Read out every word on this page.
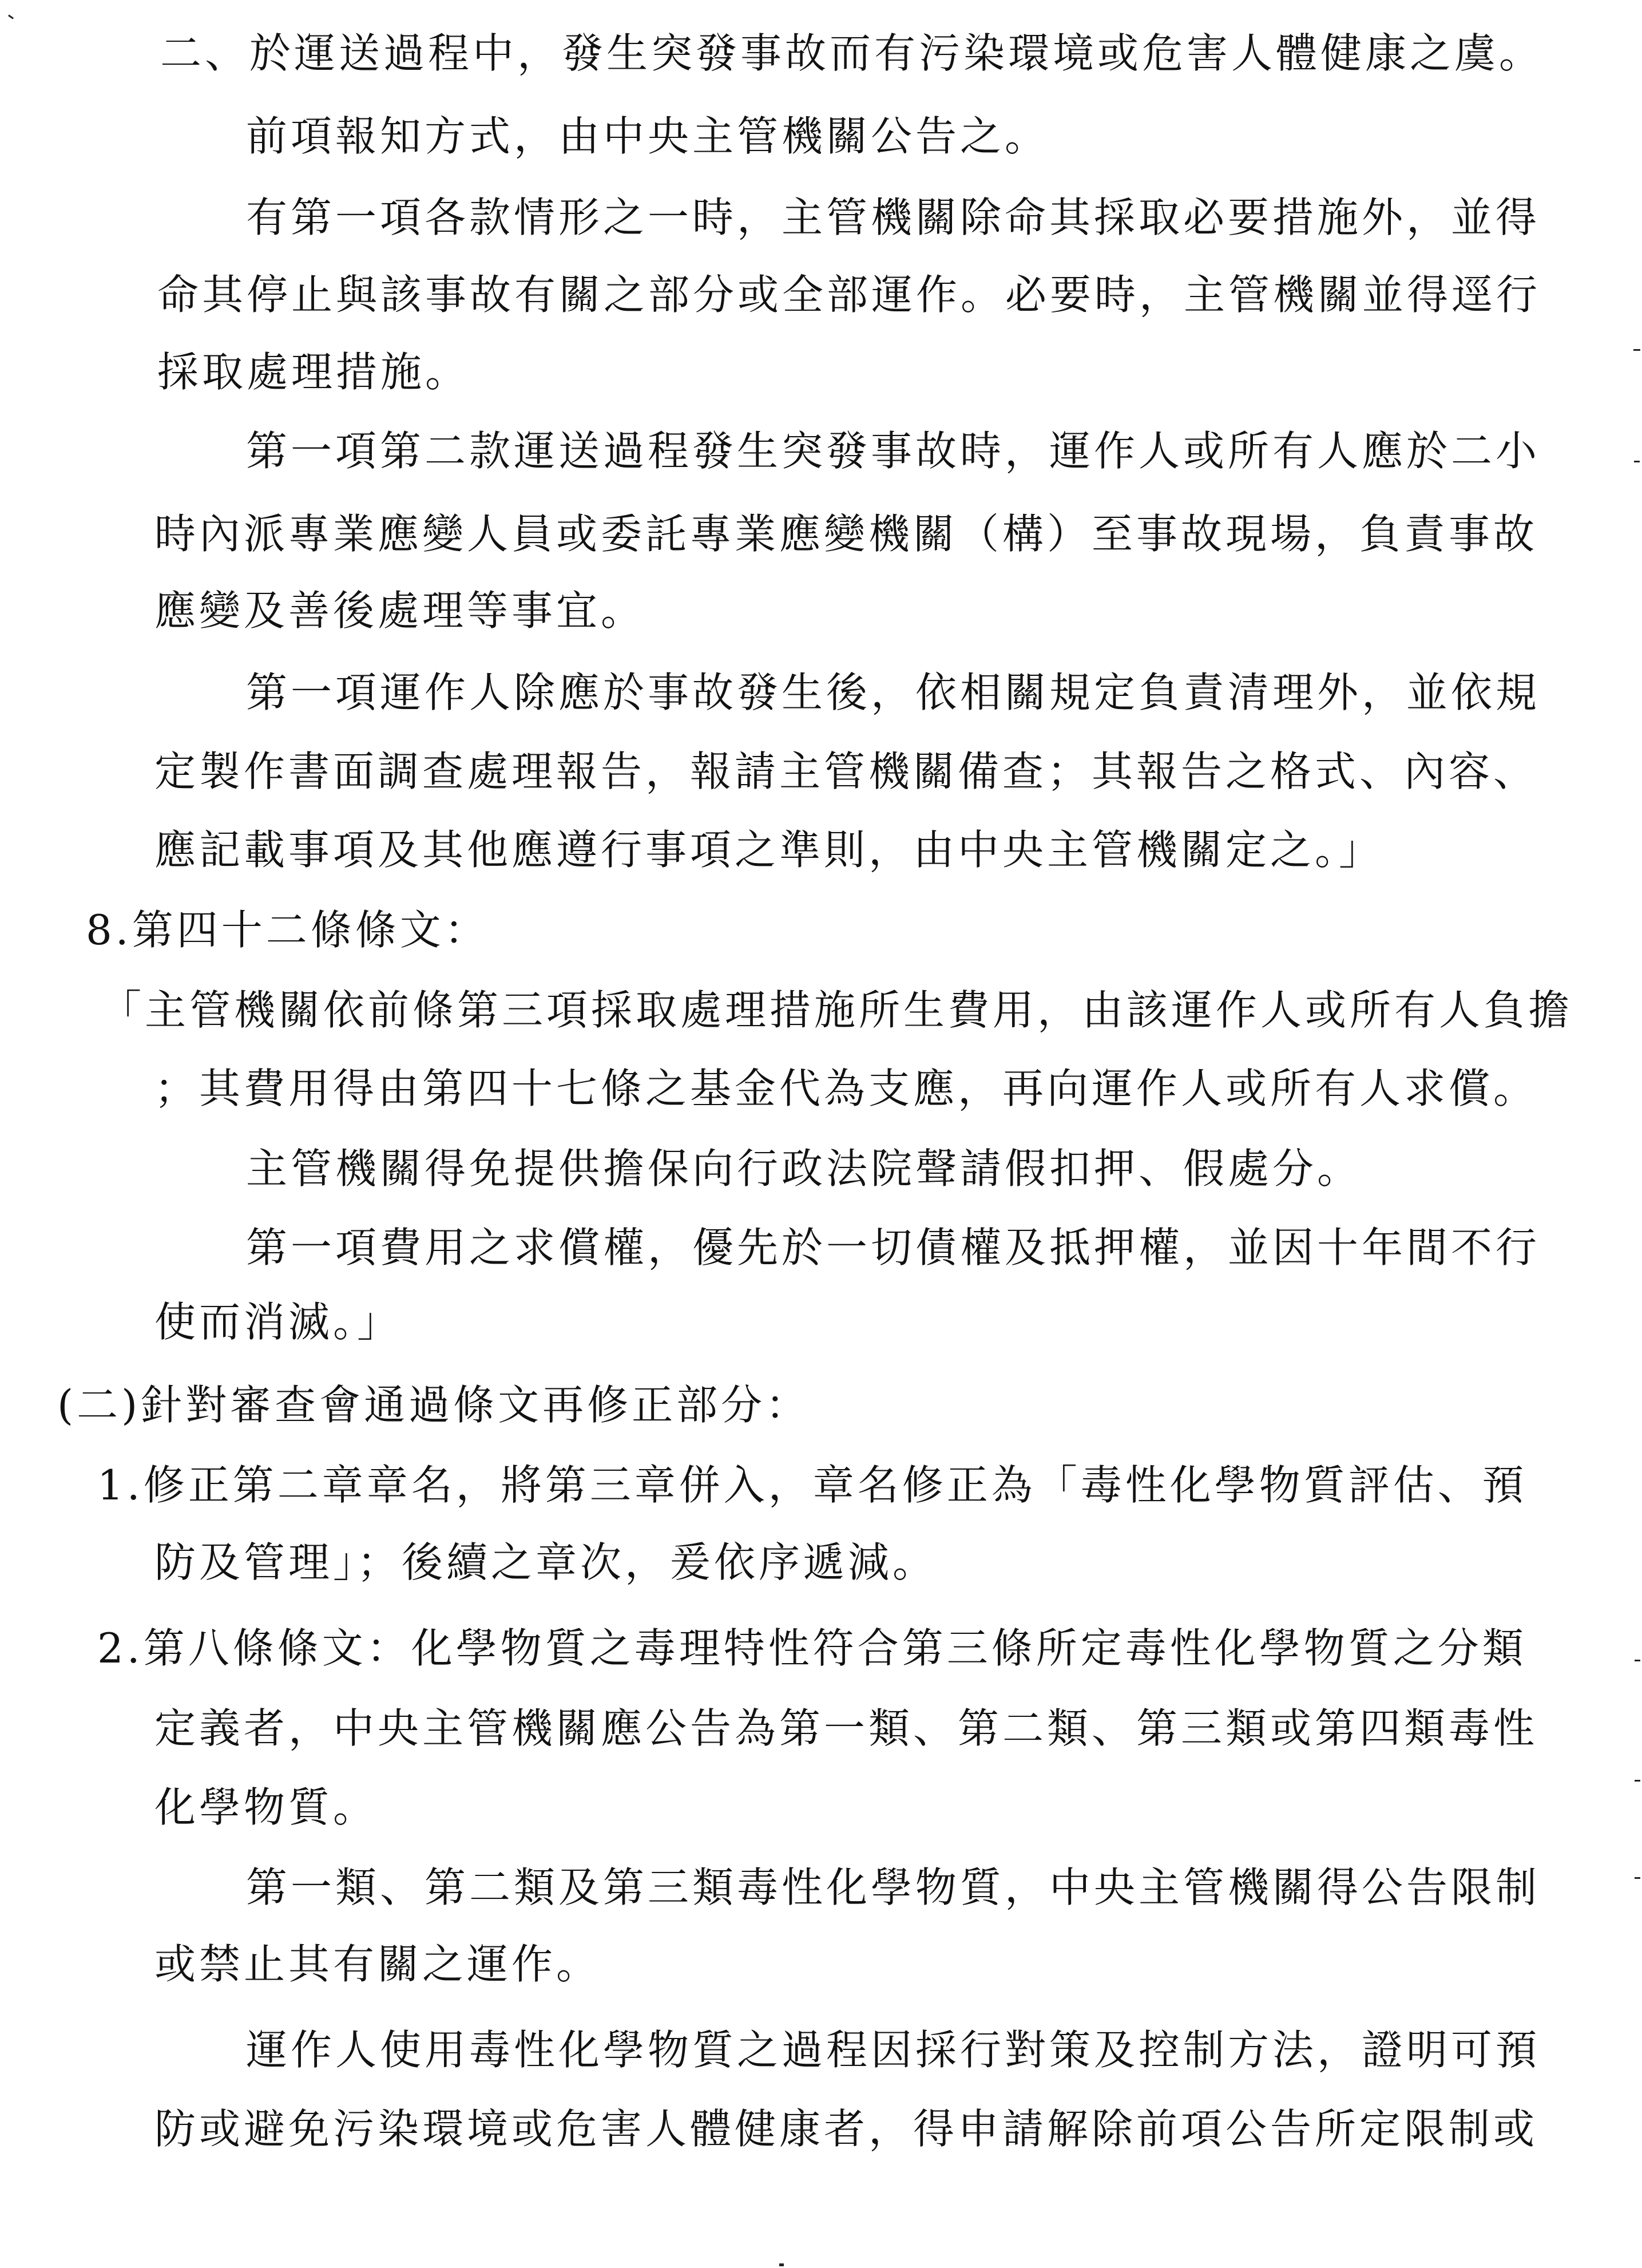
二、於運送過程中，發生突發事故而有污染環境或危害人體健康之虞。
前項報知方式，由中央主管機關公告之。
有第一項各款情形之一時，主管機關除命其採取必要措施外，並得
命其停止與該事故有關之部分或全部運作。必要時，主管機關並得逕行
採取處理措施。
第一項第二款運送過程發生突發事故時，運作人或所有人應於二小
時內派專業應變人員或委託專業應變機關（構）至事故現場，負責事故
應變及善後處理等事宜。
第一項運作人除應於事故發生後，依相關規定負責清理外，並依規
定製作書面調查處理報告，報請主管機關備查；其報告之格式、內容、
應記載事項及其他應遵行事項之準則，由中央主管機關定之。」
8.第四十二條條文：
「主管機關依前條第三項採取處理措施所生費用，由該運作人或所有人負擔
；其費用得由第四十七條之基金代為支應，再向運作人或所有人求償。
主管機關得免提供擔保向行政法院聲請假扣押、假處分。
第一項費用之求償權，優先於一切債權及抵押權，並因十年間不行
使而消滅。」
(二)針對審查會通過條文再修正部分：
1.修正第二章章名，將第三章併入，章名修正為「毒性化學物質評估、預
防及管理」；後續之章次，爰依序遞減。
2.第八條條文：化學物質之毒理特性符合第三條所定毒性化學物質之分類
定義者，中央主管機關應公告為第一類、第二類、第三類或第四類毒性
化學物質。
第一類、第二類及第三類毒性化學物質，中央主管機關得公告限制
或禁止其有關之運作。
運作人使用毒性化學物質之過程因採行對策及控制方法，證明可預
防或避免污染環境或危害人體健康者，得申請解除前項公告所定限制或
